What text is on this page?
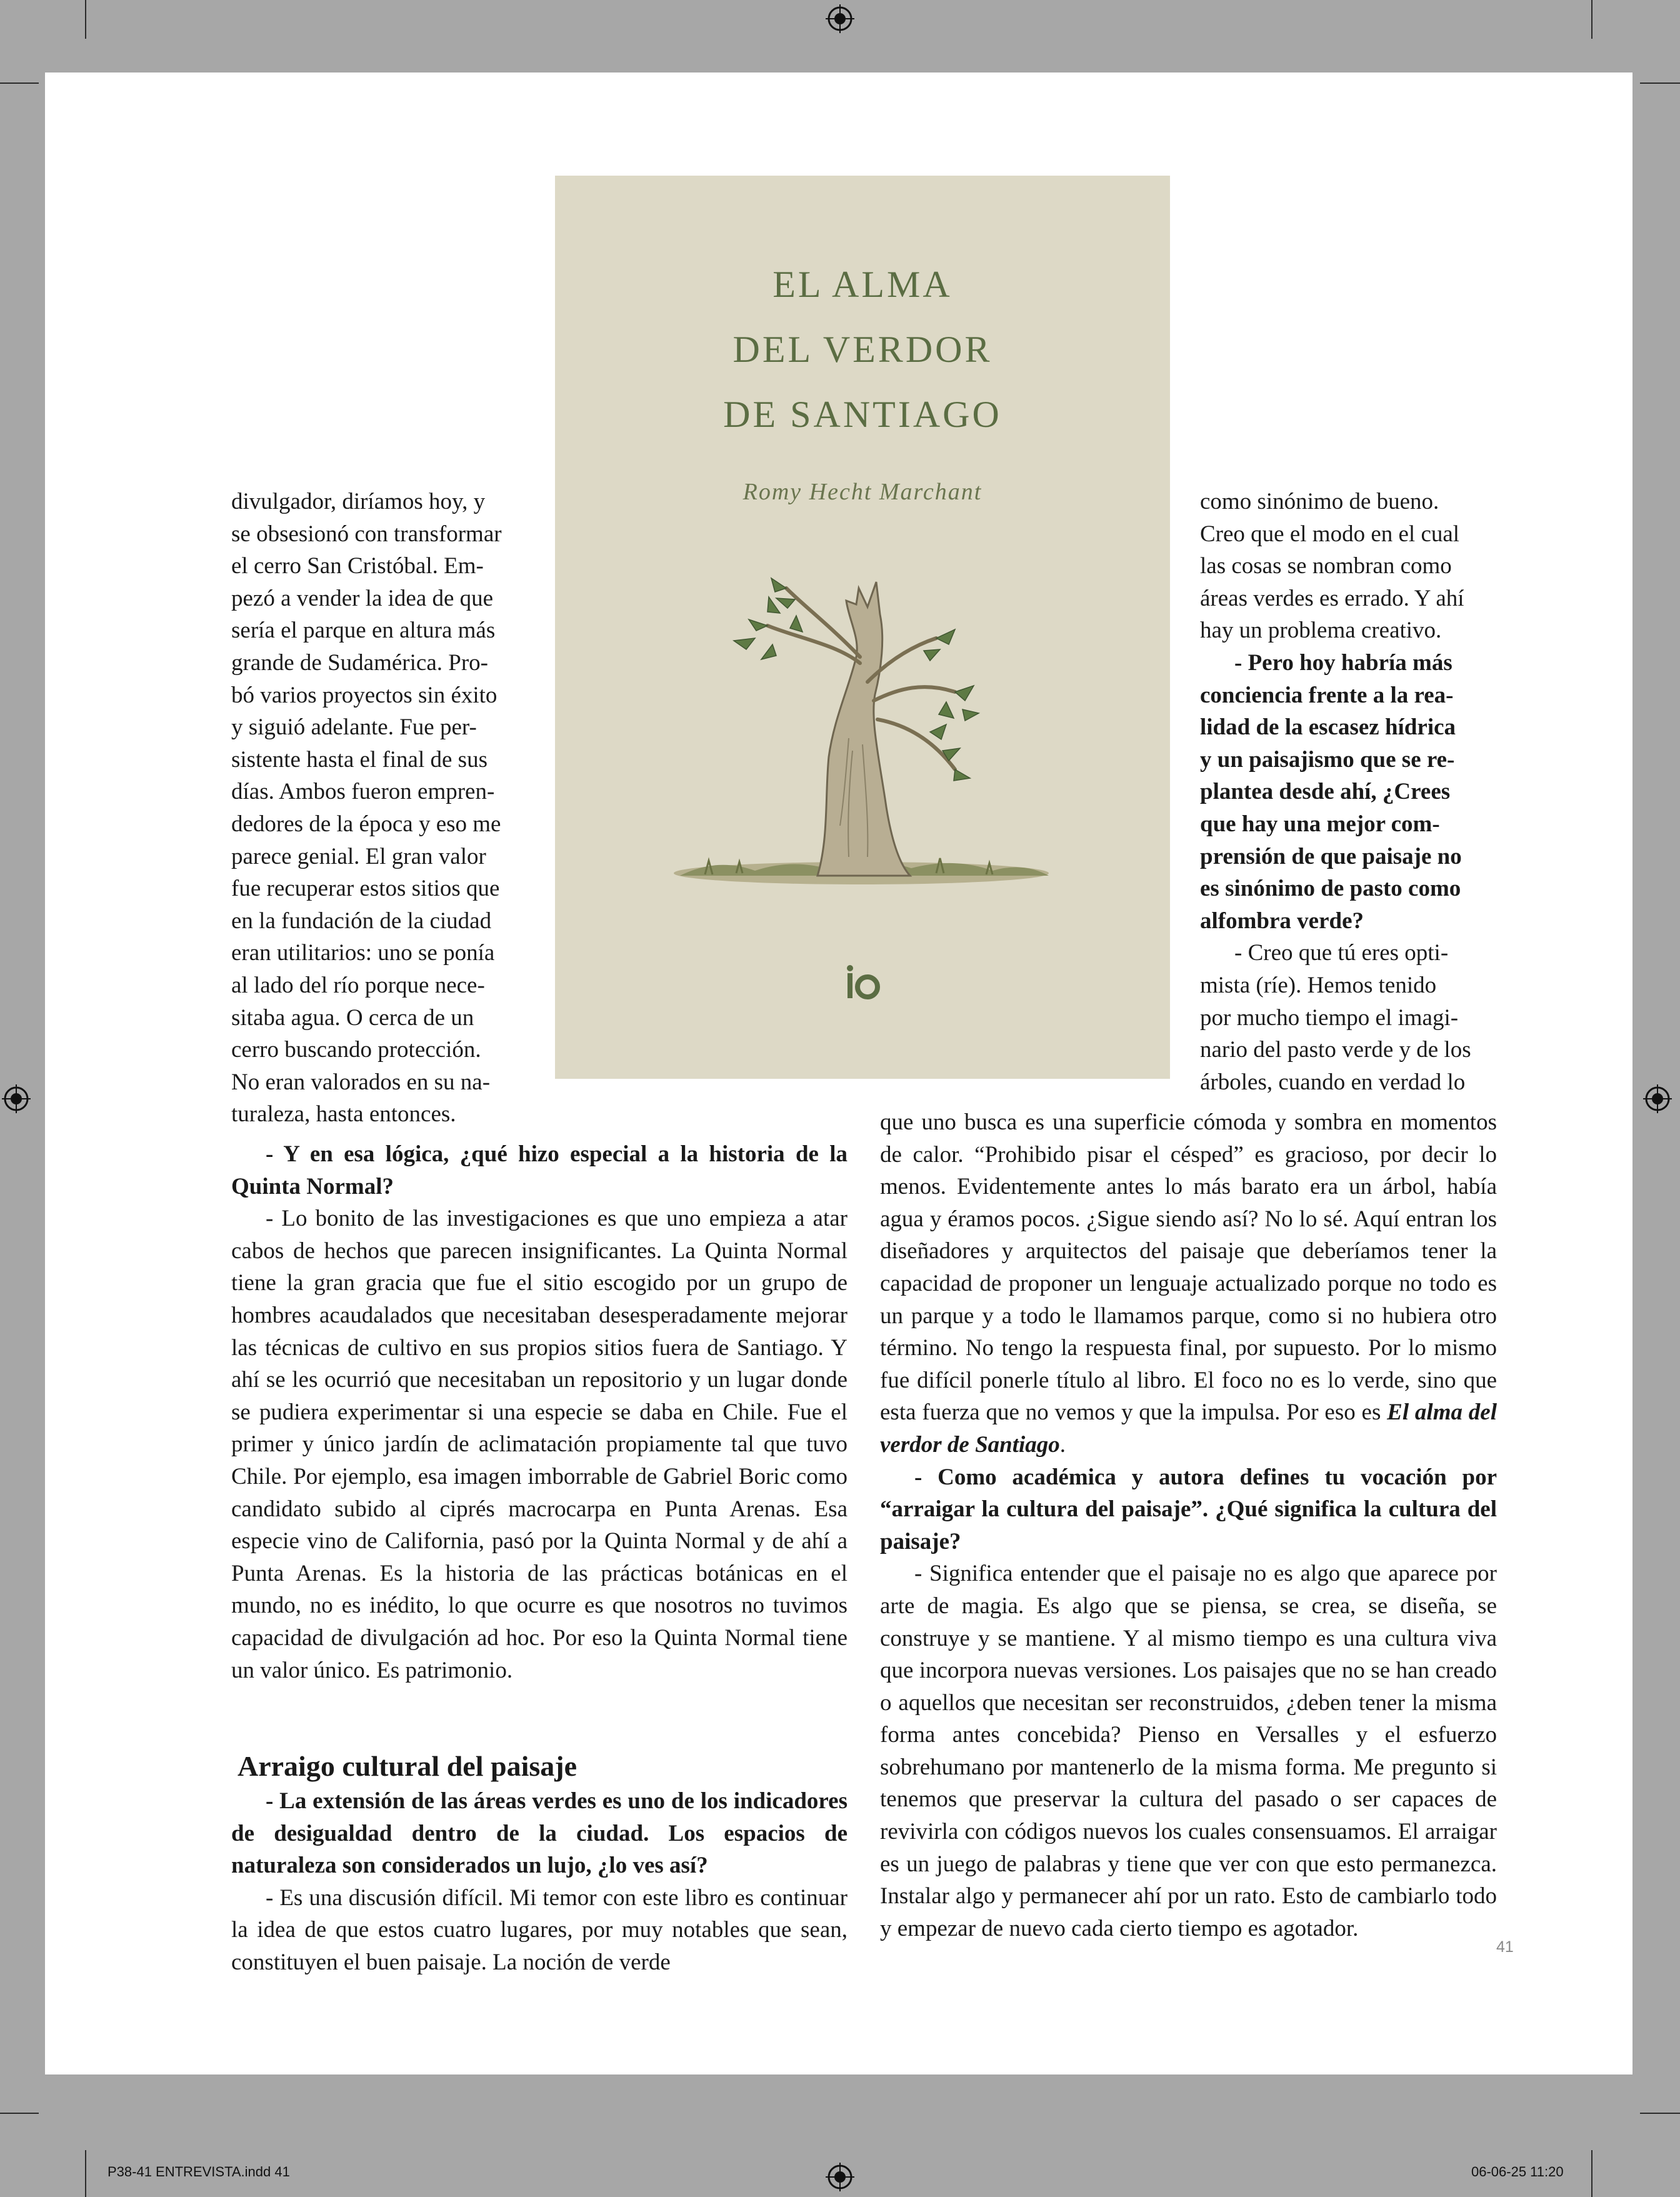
EL ALMA
DEL VERDOR
DE SANTIAGO
Romy Hecht Marchant
divulgador, diríamos hoy, y
se obsesionó con transformar
el cerro San Cristóbal. Em-
pezó a vender la idea de que
sería el parque en altura más
grande de Sudamérica. Pro-
bó varios proyectos sin éxito
y siguió adelante. Fue per-
sistente hasta el final de sus
días. Ambos fueron empren-
dedores de la época y eso me
parece genial. El gran valor
fue recuperar estos sitios que
en la fundación de la ciudad
eran utilitarios: uno se ponía
al lado del río porque nece-
sitaba agua. O cerca de un
cerro buscando protección.
No eran valorados en su na-
turaleza, hasta entonces.
como sinónimo de bueno.
Creo que el modo en el cual
las cosas se nombran como
áreas verdes es errado. Y ahí
hay un problema creativo.
- Pero hoy habría más
conciencia frente a la rea-
lidad de la escasez hídrica
y un paisajismo que se re-
plantea desde ahí, ¿Crees
que hay una mejor com-
prensión de que paisaje no
es sinónimo de pasto como
alfombra verde?
- Creo que tú eres opti-
mista (ríe). Hemos tenido
por mucho tiempo el imagi-
nario del pasto verde y de los
árboles, cuando en verdad lo

- Y en esa lógica, ¿qué hizo especial a la historia de la Quinta Normal?

- Lo bonito de las investigaciones es que uno empieza a atar cabos de hechos que parecen insignificantes. La Quinta Normal tiene la gran gracia que fue el sitio escogido por un grupo de hombres acaudalados que necesitaban desesperadamente mejorar las técnicas de cultivo en sus propios sitios fuera de Santiago. Y ahí se les ocurrió que necesitaban un repositorio y un lugar donde se pudiera experimentar si una especie se daba en Chile. Fue el primer y único jardín de aclimatación propiamente tal que tuvo Chile. Por ejemplo, esa imagen imborrable de Gabriel Boric como candidato subido al ciprés macrocarpa en Punta Arenas. Esa especie vino de California, pasó por la Quinta Normal y de ahí a Punta Arenas. Es la historia de las prácticas botánicas en el mundo, no es inédito, lo que ocurre es que nosotros no tuvimos capacidad de divulgación ad hoc. Por eso la Quinta Normal tiene un valor único. Es patrimonio.

Arraigo cultural del paisaje

- La extensión de las áreas verdes es uno de los indicadores de desigualdad dentro de la ciudad. Los espacios de naturaleza son considerados un lujo, ¿lo ves así?

- Es una discusión difícil. Mi temor con este libro es continuar la idea de que estos cuatro lugares, por muy notables que sean, constituyen el buen paisaje. La noción de verde

que uno busca es una superficie cómoda y sombra en momentos de calor. “Prohibido pisar el césped” es gracioso, por decir lo menos. Evidentemente antes lo más barato era un árbol, había agua y éramos pocos. ¿Sigue siendo así? No lo sé. Aquí entran los diseñadores y arquitectos del paisaje que deberíamos tener la capacidad de proponer un lenguaje actualizado porque no todo es un parque y a todo le llamamos parque, como si no hubiera otro término. No tengo la respuesta final, por supuesto. Por lo mismo fue difícil ponerle título al libro. El foco no es lo verde, sino que esta fuerza que no vemos y que la impulsa. Por eso es El alma del verdor de Santiago.

- Como académica y autora defines tu vocación por “arraigar la cultura del paisaje”. ¿Qué significa la cultura del paisaje?

- Significa entender que el paisaje no es algo que aparece por arte de magia. Es algo que se piensa, se crea, se diseña, se construye y se mantiene. Y al mismo tiempo es una cultura viva que incorpora nuevas versiones. Los paisajes que no se han creado o aquellos que necesitan ser reconstruidos, ¿deben tener la misma forma antes concebida? Pienso en Versalles y el esfuerzo sobrehumano por mantenerlo de la misma forma. Me pregunto si tenemos que preservar la cultura del pasado o ser capaces de revivirla con códigos nuevos los cuales consensuamos. El arraigar es un juego de palabras y tiene que ver con que esto permanezca. Instalar algo y permanecer ahí por un rato. Esto de cambiarlo todo y empezar de nuevo cada cierto tiempo es agotador.

41
P38-41 ENTREVISTA.indd 41	06-06-25 11:20
